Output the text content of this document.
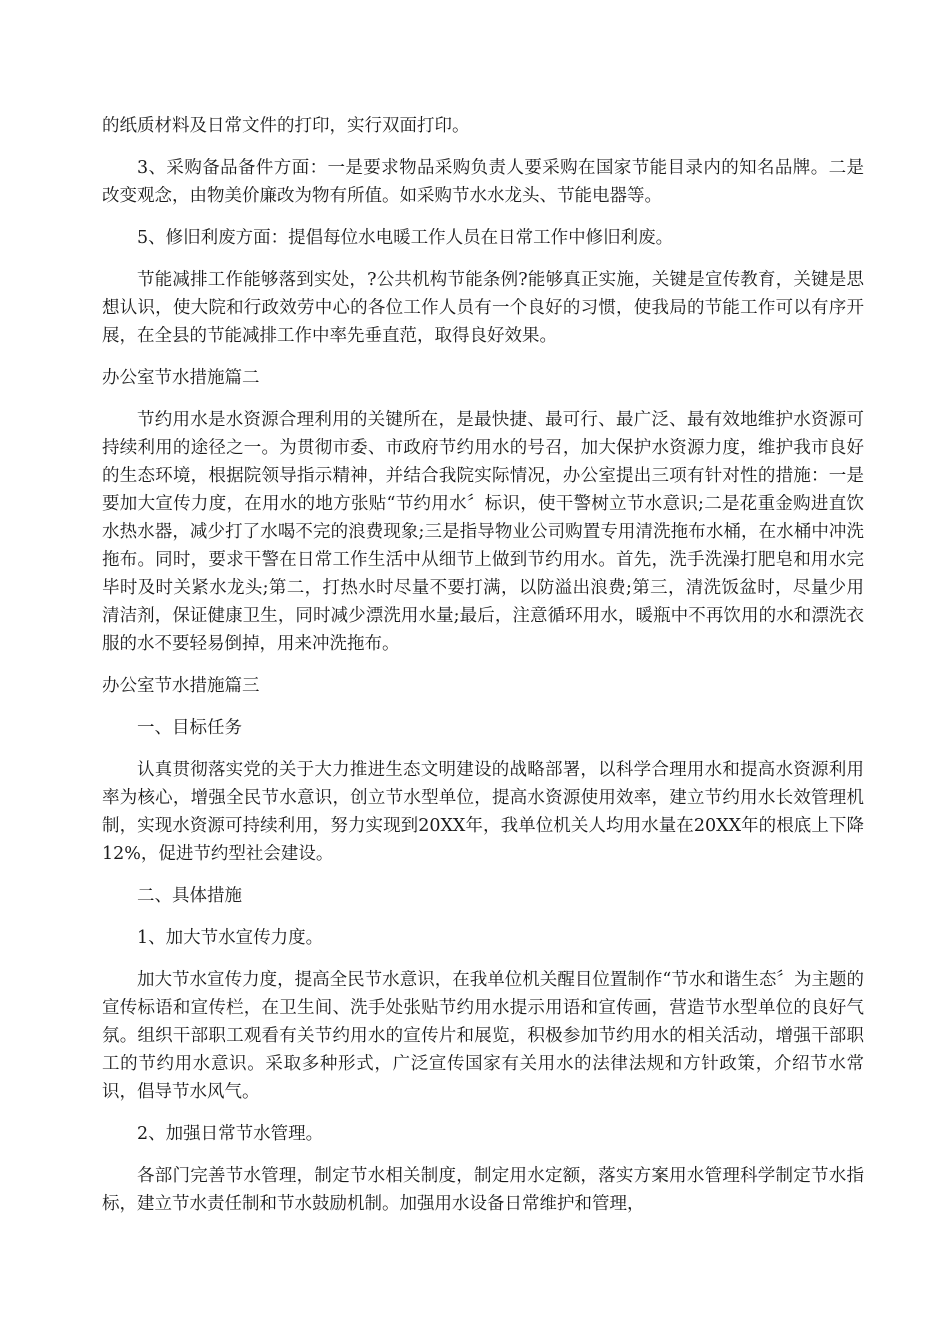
的纸质材料及日常文件的打印，实行双面打印。

3、采购备品备件方面：一是要求物品采购负责人要采购在国家节能目录内的知名品牌。二是改变观念，由物美价廉改为物有所值。如采购节水水龙头、节能电器等。

5、修旧利废方面：提倡每位水电暖工作人员在日常工作中修旧利废。

节能减排工作能够落到实处，?公共机构节能条例?能够真正实施，关键是宣传教育，关键是思想认识，使大院和行政效劳中心的各位工作人员有一个良好的习惯，使我局的节能工作可以有序开展，在全县的节能减排工作中率先垂直范，取得良好效果。

办公室节水措施篇二

节约用水是水资源合理利用的关键所在，是最快捷、最可行、最广泛、最有效地维护水资源可持续利用的途径之一。为贯彻市委、市政府节约用水的号召，加大保护水资源力度，维护我市良好的生态环境，根据院领导指示精神，并结合我院实际情况，办公室提出三项有针对性的措施：一是要加大宣传力度，在用水的地方张贴“节约用水〞标识，使干警树立节水意识;二是花重金购进直饮水热水器，减少打了水喝不完的浪费现象;三是指导物业公司购置专用清洗拖布水桶，在水桶中冲洗拖布。同时，要求干警在日常工作生活中从细节上做到节约用水。首先，洗手洗澡打肥皂和用水完毕时及时关紧水龙头;第二，打热水时尽量不要打满，以防溢出浪费;第三，清洗饭盆时，尽量少用清洁剂，保证健康卫生，同时减少漂洗用水量;最后，注意循环用水，暖瓶中不再饮用的水和漂洗衣服的水不要轻易倒掉，用来冲洗拖布。

办公室节水措施篇三

一、目标任务

认真贯彻落实党的关于大力推进生态文明建设的战略部署，以科学合理用水和提高水资源利用率为核心，增强全民节水意识，创立节水型单位，提高水资源使用效率，建立节约用水长效管理机制，实现水资源可持续利用，努力实现到20XX年，我单位机关人均用水量在20XX年的根底上下降12%，促进节约型社会建设。

二、具体措施

1、加大节水宣传力度。

加大节水宣传力度，提高全民节水意识，在我单位机关醒目位置制作“节水和谐生态〞为主题的宣传标语和宣传栏，在卫生间、洗手处张贴节约用水提示用语和宣传画，营造节水型单位的良好气氛。组织干部职工观看有关节约用水的宣传片和展览，积极参加节约用水的相关活动，增强干部职工的节约用水意识。采取多种形式，广泛宣传国家有关用水的法律法规和方针政策，介绍节水常识，倡导节水风气。

2、加强日常节水管理。

各部门完善节水管理，制定节水相关制度，制定用水定额，落实方案用水管理科学制定节水指标，建立节水责任制和节水鼓励机制。加强用水设备日常维护和管理，
